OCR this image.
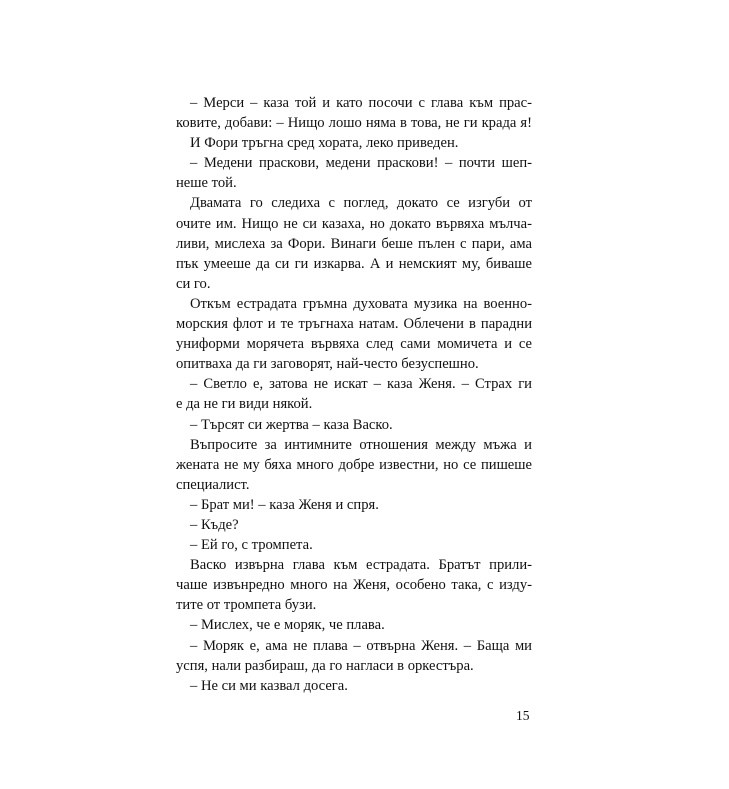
– Мерси – каза той и като посочи с глава към прас-

ковите, добави: – Нищо лошо няма в това, не ги крада я!

И Фори тръгна сред хората, леко приведен.

– Медени праскови, медени праскови! – почти шеп-

неше той.

Двамата го следиха с поглед, докато се изгуби от

очите им. Нищо не си казаха, но докато вървяха мълча-

ливи, мислеха за Фори. Винаги беше пълен с пари, ама

пък умееше да си ги изкарва. А и немският му, биваше

си го.

Откъм естрадата гръмна духовата музика на военно-

морския флот и те тръгнаха натам. Облечени в парадни

униформи морячета вървяха след сами момичета и се

опитваха да ги заговорят, най-често безуспешно.

– Светло е, затова не искат – каза Женя. – Страх ги

е да не ги види някой.

– Търсят си жертва – каза Васко.

Въпросите за интимните отношения между мъжа и

жената не му бяха много добре известни, но се пишеше

специалист.

– Брат ми! – каза Женя и спря.

– Къде?

– Ей го, с тромпета.

Васко извърна глава към естрадата. Братът прили-

чаше извънредно много на Женя, особено така, с изду-

тите от тромпета бузи.

– Мислех, че е моряк, че плава.

– Моряк е, ама не плава – отвърна Женя. – Баща ми

успя, нали разбираш, да го нагласи в оркестъра.

– Не си ми казвал досега.

15
